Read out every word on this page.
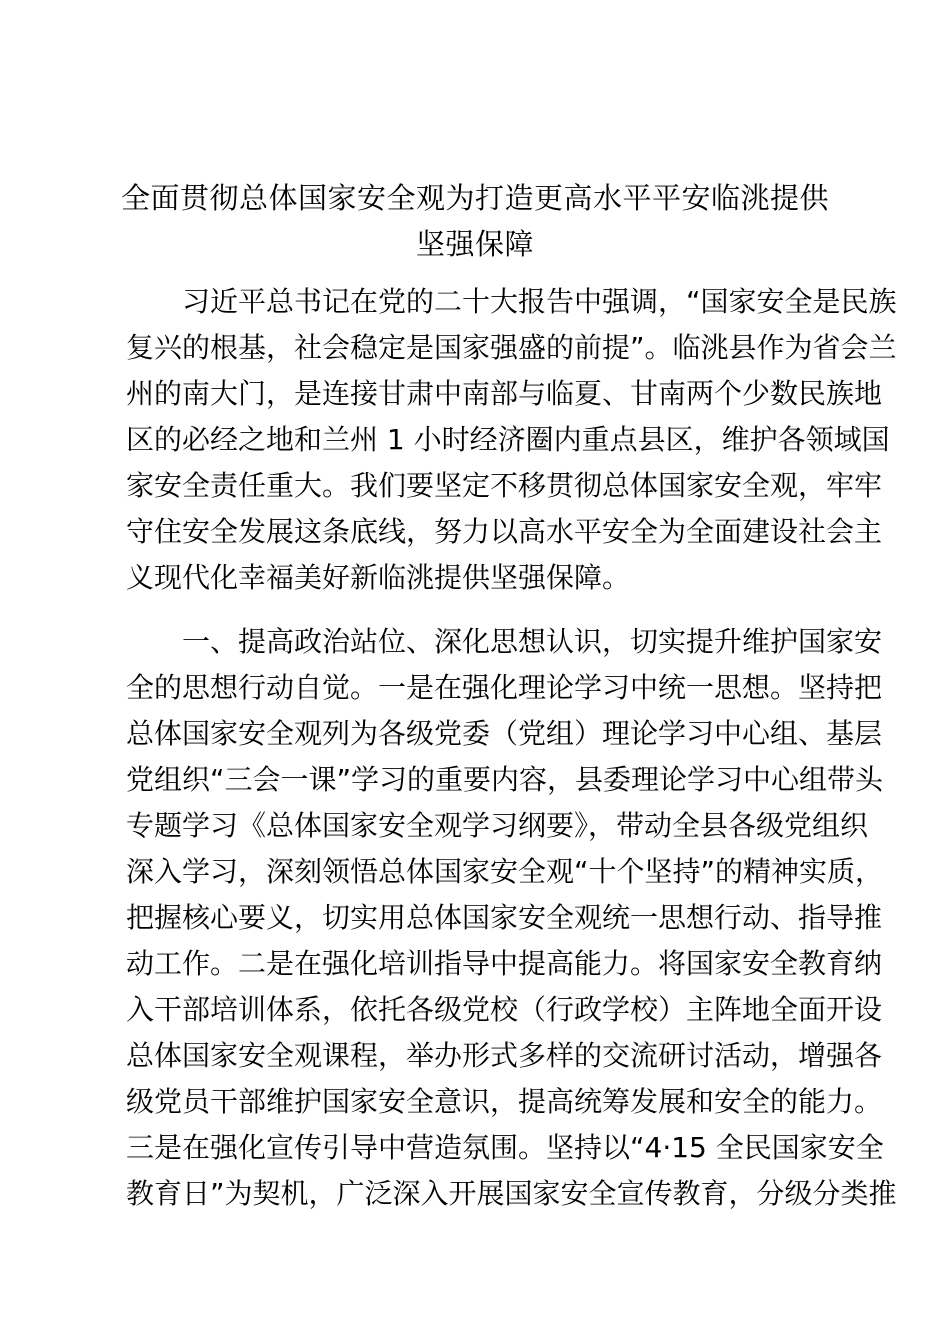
全面贯彻总体国家安全观为打造更高水平平安临洮提供
坚强保障

习近平总书记在党的二十大报告中强调，“国家安全是民族
复兴的根基，社会稳定是国家强盛的前提”。临洮县作为省会兰
州的南大门，是连接甘肃中南部与临夏、甘南两个少数民族地
区的必经之地和兰州 1 小时经济圈内重点县区，维护各领域国
家安全责任重大。我们要坚定不移贯彻总体国家安全观，牢牢
守住安全发展这条底线，努力以高水平安全为全面建设社会主
义现代化幸福美好新临洮提供坚强保障。

一、提高政治站位、深化思想认识，切实提升维护国家安
全的思想行动自觉。一是在强化理论学习中统一思想。坚持把
总体国家安全观列为各级党委（党组）理论学习中心组、基层
党组织“三会一课”学习的重要内容，县委理论学习中心组带头
专题学习《总体国家安全观学习纲要》，带动全县各级党组织
深入学习，深刻领悟总体国家安全观“十个坚持”的精神实质，
把握核心要义，切实用总体国家安全观统一思想行动、指导推
动工作。二是在强化培训指导中提高能力。将国家安全教育纳
入干部培训体系，依托各级党校（行政学校）主阵地全面开设
总体国家安全观课程，举办形式多样的交流研讨活动，增强各
级党员干部维护国家安全意识，提高统筹发展和安全的能力。
三是在强化宣传引导中营造氛围。坚持以“4·15 全民国家安全
教育日”为契机，广泛深入开展国家安全宣传教育，分级分类推
